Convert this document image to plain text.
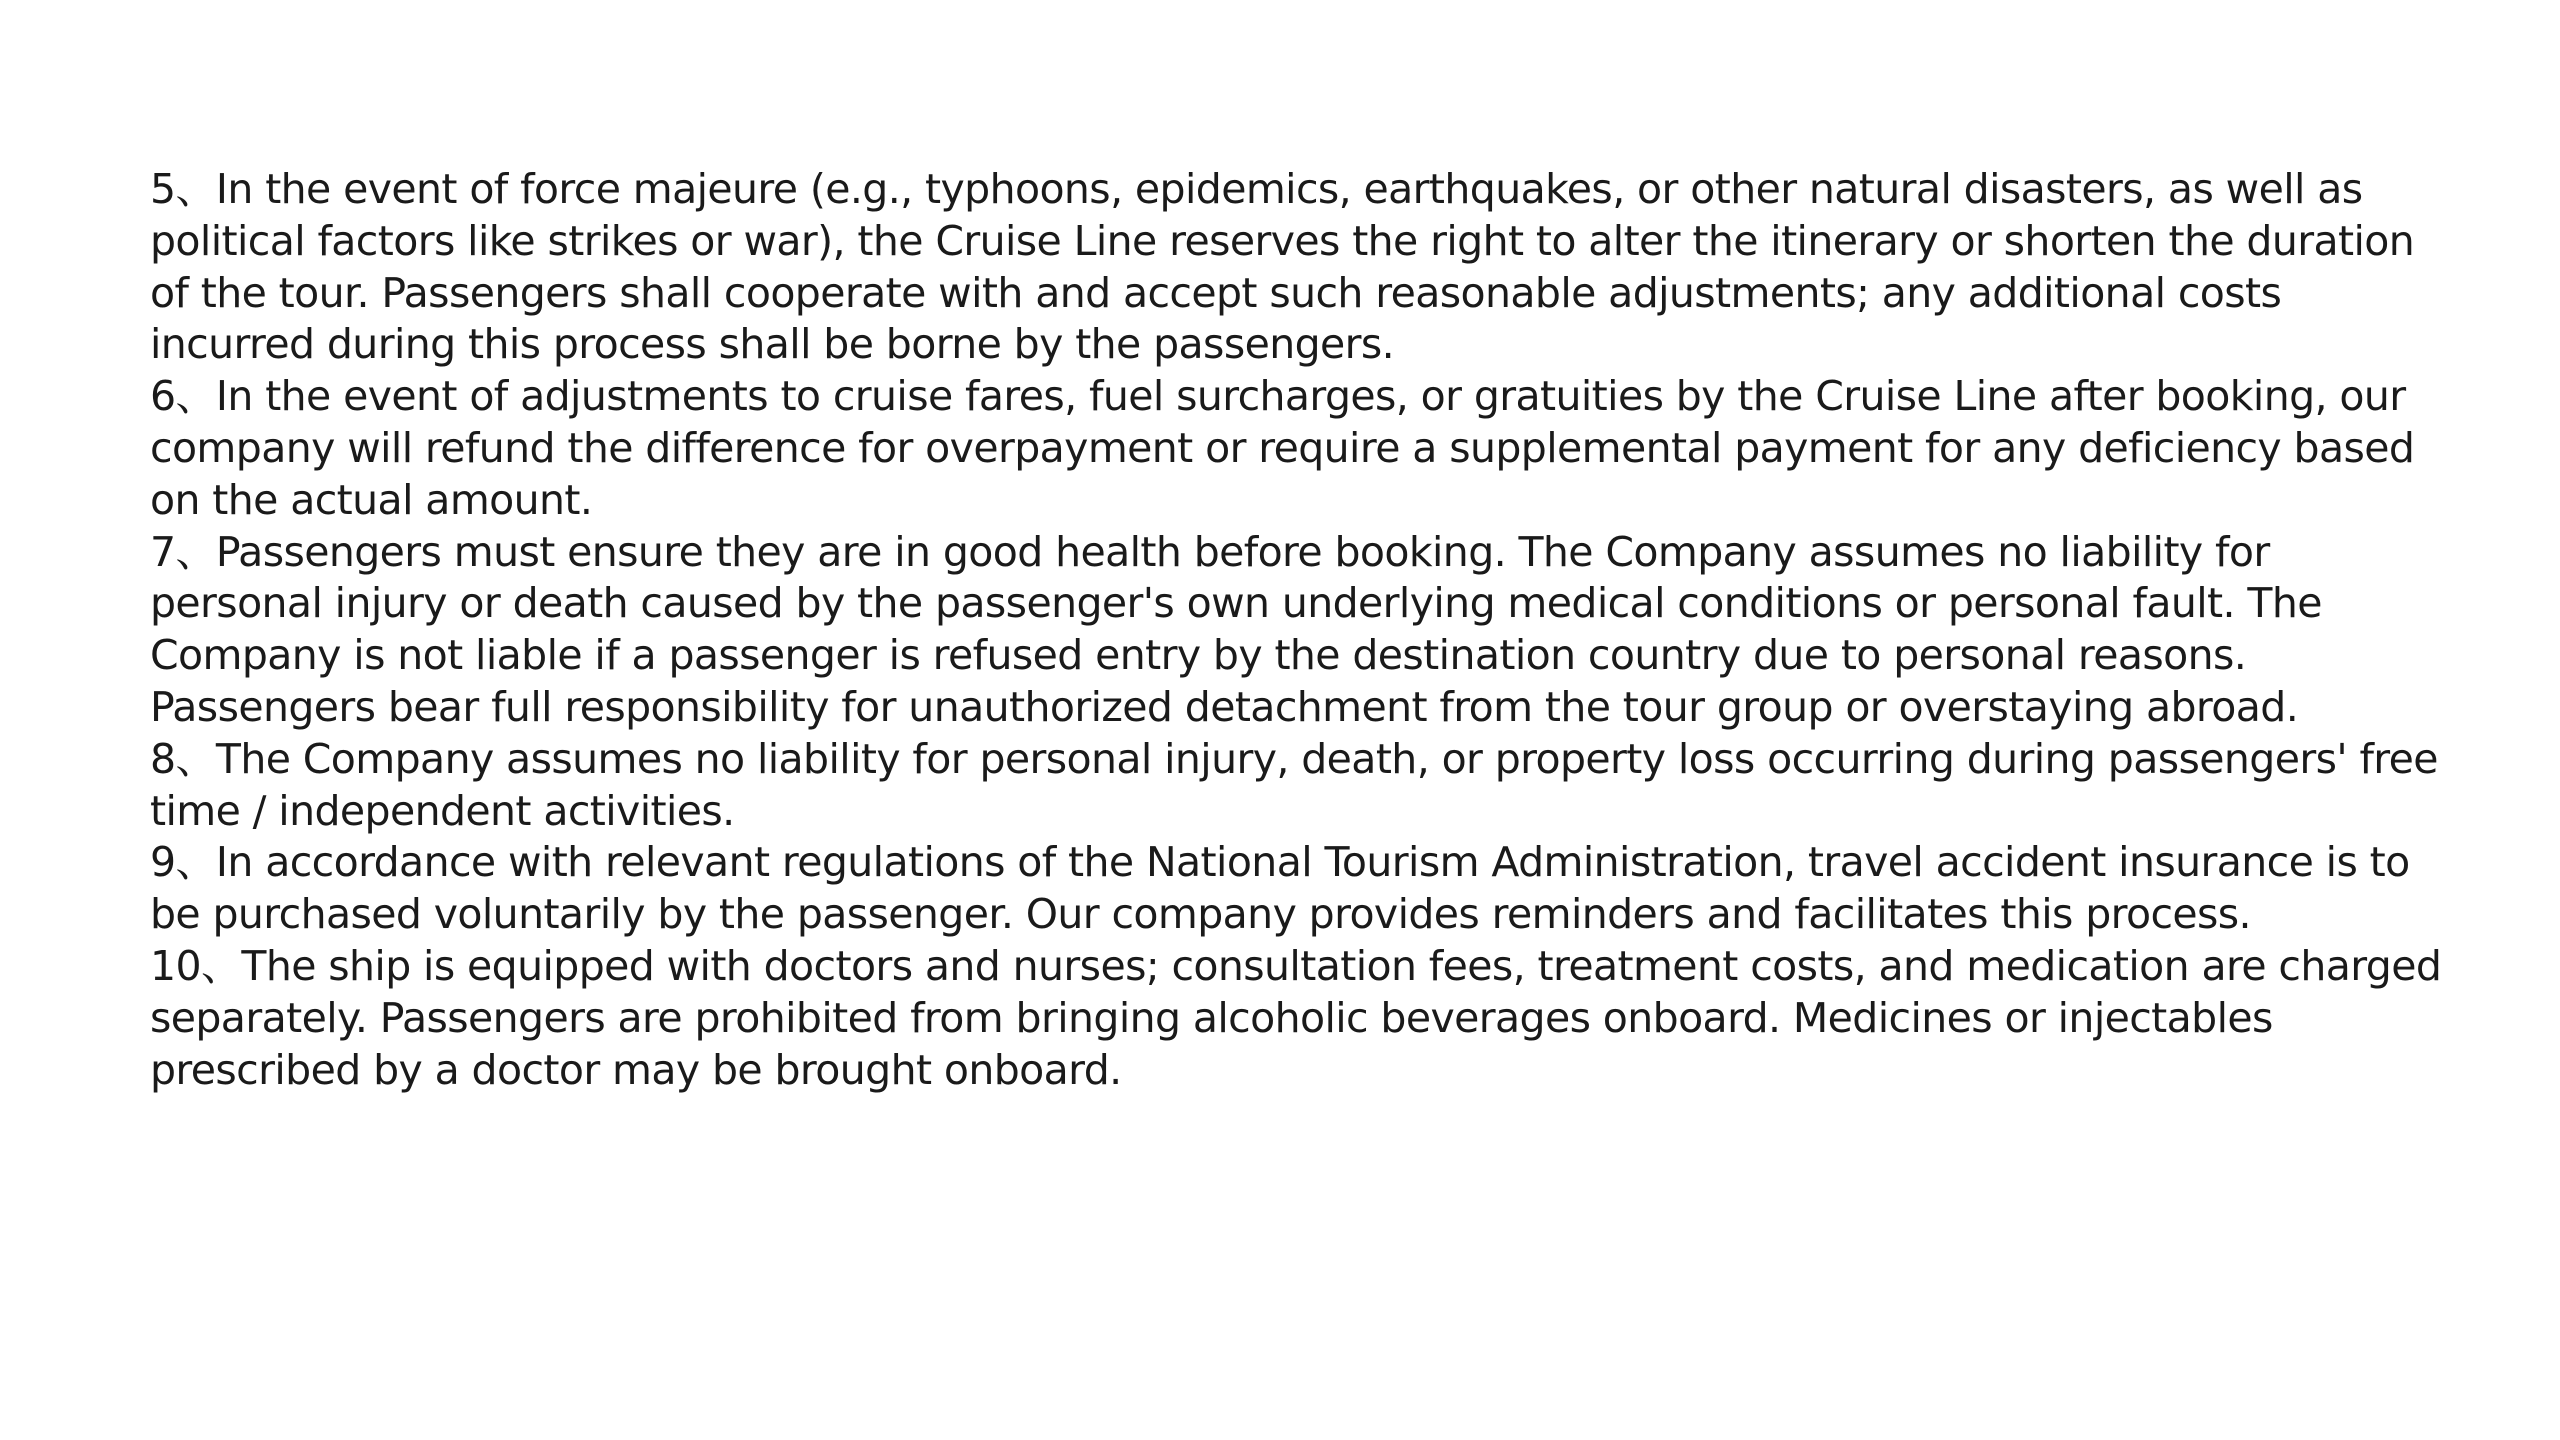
5、In the event of force majeure (e.g., typhoons, epidemics, earthquakes, or other natural disasters, as well as political factors like strikes or war), the Cruise Line reserves the right to alter the itinerary or shorten the duration of the tour. Passengers shall cooperate with and accept such reasonable adjustments; any additional costs incurred during this process shall be borne by the passengers.
6、In the event of adjustments to cruise fares, fuel surcharges, or gratuities by the Cruise Line after booking, our company will refund the difference for overpayment or require a supplemental payment for any deficiency based on the actual amount.
7、Passengers must ensure they are in good health before booking. The Company assumes no liability for personal injury or death caused by the passenger's own underlying medical conditions or personal fault. The Company is not liable if a passenger is refused entry by the destination country due to personal reasons. Passengers bear full responsibility for unauthorized detachment from the tour group or overstaying abroad.
8、The Company assumes no liability for personal injury, death, or property loss occurring during passengers' free time / independent activities.
9、In accordance with relevant regulations of the National Tourism Administration, travel accident insurance is to be purchased voluntarily by the passenger. Our company provides reminders and facilitates this process.
10、The ship is equipped with doctors and nurses; consultation fees, treatment costs, and medication are charged separately. Passengers are prohibited from bringing alcoholic beverages onboard. Medicines or injectables prescribed by a doctor may be brought onboard.
